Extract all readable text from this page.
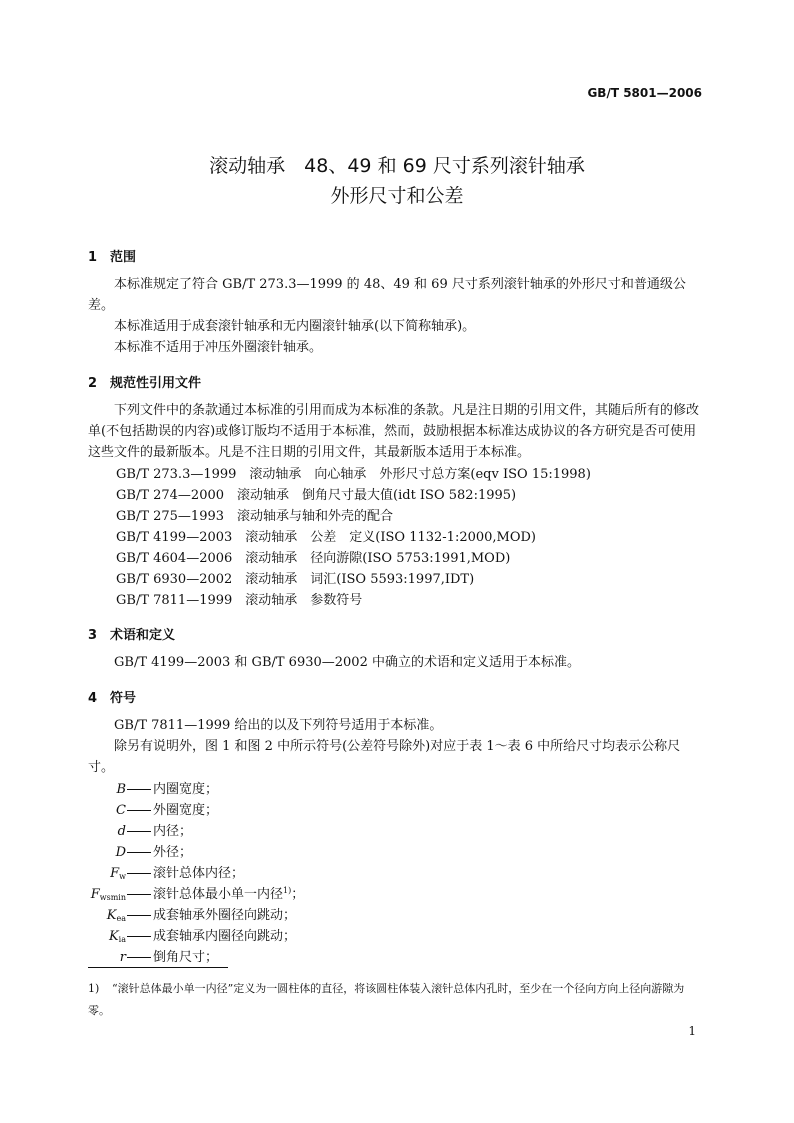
GB/T 5801—2006
滚动轴承　48、49 和 69 尺寸系列滚针轴承
外形尺寸和公差
1 范围
本标准规定了符合 GB/T 273.3—1999 的 48、49 和 69 尺寸系列滚针轴承的外形尺寸和普通级公差。
本标准适用于成套滚针轴承和无内圈滚针轴承(以下简称轴承)。
本标准不适用于冲压外圈滚针轴承。
2 规范性引用文件
下列文件中的条款通过本标准的引用而成为本标准的条款。凡是注日期的引用文件，其随后所有的修改单(不包括勘误的内容)或修订版均不适用于本标准，然而，鼓励根据本标准达成协议的各方研究是否可使用这些文件的最新版本。凡是不注日期的引用文件，其最新版本适用于本标准。
GB/T 273.3—1999　滚动轴承　向心轴承　外形尺寸总方案(eqv ISO 15:1998)
GB/T 274—2000　滚动轴承　倒角尺寸最大值(idt ISO 582:1995)
GB/T 275—1993　滚动轴承与轴和外壳的配合
GB/T 4199—2003　滚动轴承　公差　定义(ISO 1132-1:2000,MOD)
GB/T 4604—2006　滚动轴承　径向游隙(ISO 5753:1991,MOD)
GB/T 6930—2002　滚动轴承　词汇(ISO 5593:1997,IDT)
GB/T 7811—1999　滚动轴承　参数符号
3 术语和定义
GB/T 4199—2003 和 GB/T 6930—2002 中确立的术语和定义适用于本标准。
4 符号
GB/T 7811—1999 给出的以及下列符号适用于本标准。
除另有说明外，图 1 和图 2 中所示符号(公差符号除外)对应于表 1～表 6 中所给尺寸均表示公称尺寸。
B 内圈宽度；
C 外圈宽度；
d 内径；
D 外径；
$F_w$ 滚针总体内径；
$F_{wsmin}$ 滚针总体最小单一内径$^{1)}$；
$K_{ea}$ 成套轴承外圈径向跳动；
$K_{ia}$ 成套轴承内圈径向跳动；
r 倒角尺寸；
1) “滚针总体最小单一内径”定义为一圆柱体的直径，将该圆柱体装入滚针总体内孔时，至少在一个径向方向上径向游隙为零。
1
